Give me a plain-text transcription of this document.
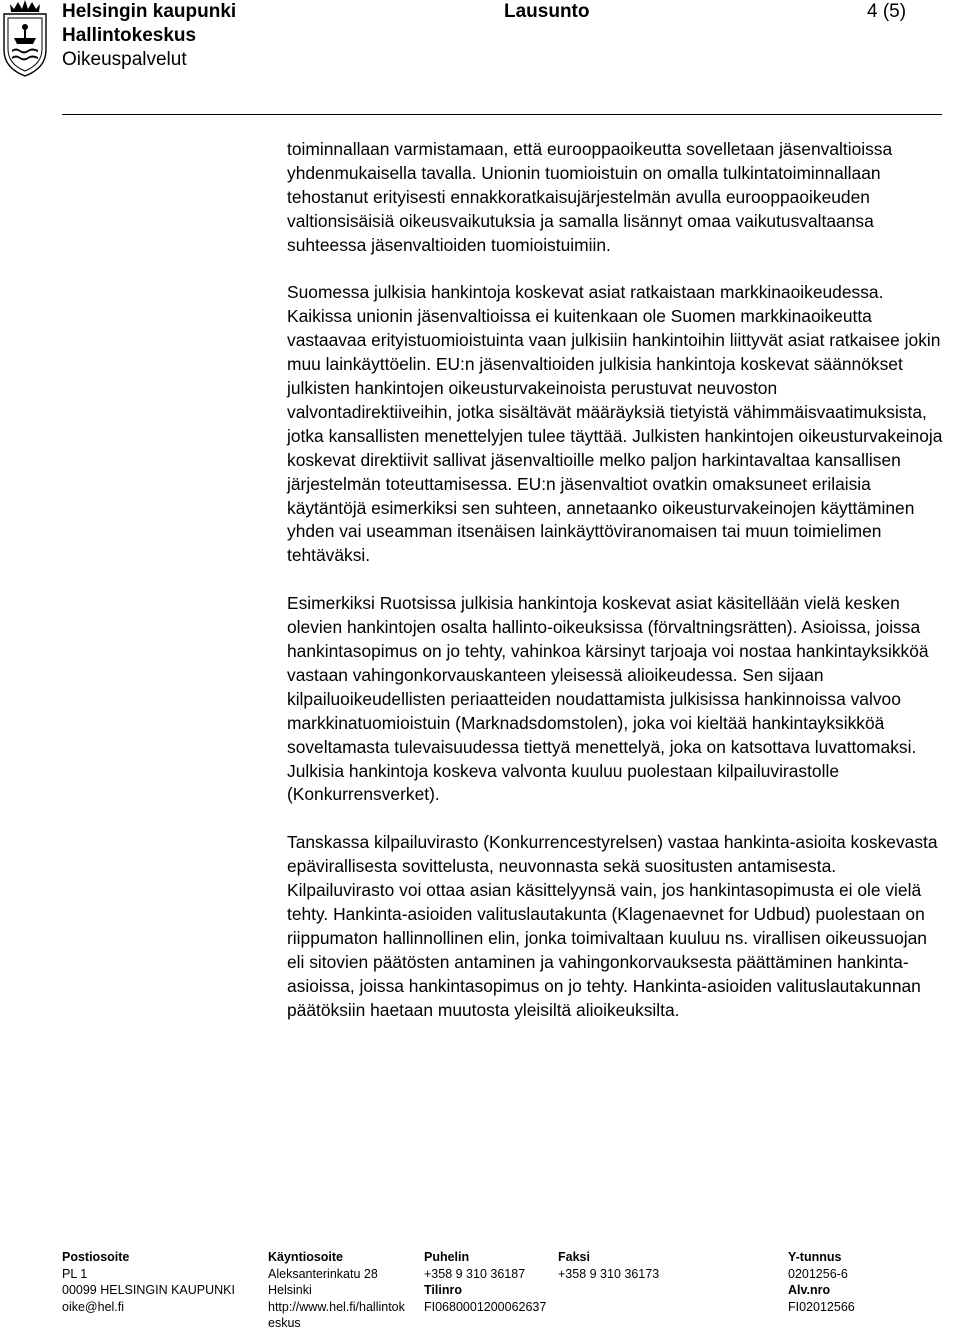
Helsingin kaupunki
Hallintokeskus
Oikeuspalvelut
Lausunto	4 (5)

toiminnallaan varmistamaan, että eurooppaoikeutta sovelletaan jäsenvaltioissa yhdenmukaisella tavalla. Unionin tuomioistuin on omalla tulkintatoiminnallaan tehostanut erityisesti ennakkoratkaisujärjestelmän avulla eurooppaoikeuden valtionsisäisiä oikeusvaikutuksia ja samalla lisännyt omaa vaikutusvaltaansa suhteessa jäsenvaltioiden tuomioistuimiin.

Suomessa julkisia hankintoja koskevat asiat ratkaistaan markkinaoikeudessa. Kaikissa unionin jäsenvaltioissa ei kuitenkaan ole Suomen markkinaoikeutta vastaavaa erityistuomioistuinta vaan julkisiin hankintoihin liittyvät asiat ratkaisee jokin muu lainkäyttöelin. EU:n jäsenvaltioiden julkisia hankintoja koskevat säännökset julkisten hankintojen oikeusturvakeinoista perustuvat neuvoston valvontadirektiiveihin, jotka sisältävät määräyksiä tietyistä vähimmäisvaatimuksista, jotka kansallisten menettelyjen tulee täyttää. Julkisten hankintojen oikeusturvakeinoja koskevat direktiivit sallivat jäsenvaltioille melko paljon harkintavaltaa kansallisen järjestelmän toteuttamisessa. EU:n jäsenvaltiot ovatkin omaksuneet erilaisia käytäntöjä esimerkiksi sen suhteen, annetaanko oikeusturvakeinojen käyttäminen yhden vai useamman itsenäisen lainkäyttöviranomaisen tai muun toimielimen tehtäväksi.

Esimerkiksi Ruotsissa julkisia hankintoja koskevat asiat käsitellään vielä kesken olevien hankintojen osalta hallinto-oikeuksissa (förvaltningsrätten). Asioissa, joissa hankintasopimus on jo tehty, vahinkoa kärsinyt tarjoaja voi nostaa hankintayksikköä vastaan vahingonkorvauskanteen yleisessä alioikeudessa. Sen sijaan kilpailuoikeudellisten periaatteiden noudattamista julkisissa hankinnoissa valvoo markkinatuomioistuin (Marknadsdomstolen), joka voi kieltää hankintayksikköä soveltamasta tulevaisuudessa tiettyä menettelyä, joka on katsottava luvattomaksi. Julkisia hankintoja koskeva valvonta kuuluu puolestaan kilpailuvirastolle (Konkurrensverket).

Tanskassa kilpailuvirasto (Konkurrencestyrelsen) vastaa hankinta-asioita koskevasta epävirallisesta sovittelusta, neuvonnasta sekä suositusten antamisesta. Kilpailuvirasto voi ottaa asian käsittelyynsä vain, jos hankintasopimusta ei ole vielä tehty. Hankinta-asioiden valituslautakunta (Klagenaevnet for Udbud) puolestaan on riippumaton hallinnollinen elin, jonka toimivaltaan kuuluu ns. virallisen oikeussuojan eli sitovien päätösten antaminen ja vahingonkorvauksesta päättäminen hankinta-asioissa, joissa hankintasopimus on jo tehty. Hankinta-asioiden valituslautakunnan päätöksiin haetaan muutosta yleisiltä alioikeuksilta.

Postiosoite
PL 1
00099 HELSINGIN KAUPUNKI
oike@hel.fi
Käyntiosoite
Aleksanterinkatu 28
Helsinki
http://www.hel.fi/hallintok
eskus
Puhelin
+358 9 310 36187
Tilinro
FI0680001200062637
Faksi
+358 9 310 36173
Y-tunnus
0201256-6
Alv.nro
FI02012566
